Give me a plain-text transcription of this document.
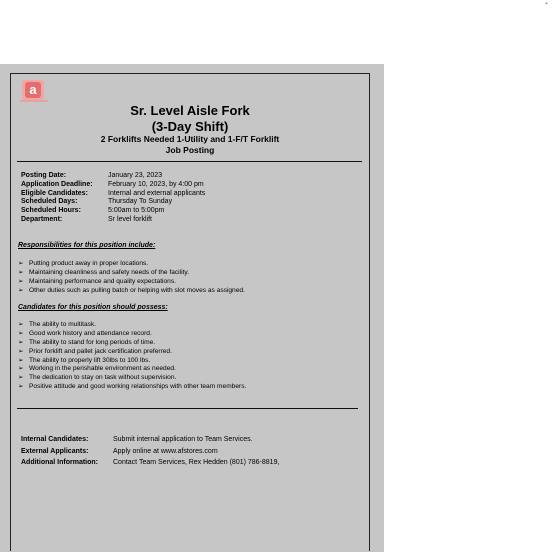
+
a
Sr. Level Aisle Fork
(3-Day Shift)
2 Forklifts Needed 1-Utility and 1-F/T Forklift
Job Posting
Posting Date:	January 23, 2023
Application Deadline: February 10, 2023, by 4:00 pm
Eligible Candidates:	Internal and external applicants
Scheduled Days:	Thursday To Sunday
Scheduled Hours:	5:00am to 5:00pm
Department:	Sr level forklift
Responsibilities for this position include:
➢ Putting product away in proper locations.
➢ Maintaining cleanliness and safety needs of the facility.
➢ Maintaining performance and quality expectations.
➢ Other duties such as pulling batch or helping with slot moves as assigned.
Candidates for this position should possess:
➢ The ability to multitask.
➢ Good work history and attendance record.
➢ The ability to stand for long periods of time.
➢ Prior forklift and pallet jack certification preferred.
➢ The ability to properly lift 30lbs to 100 lbs.
➢ Working in the perishable environment as needed.
➢ The dedication to stay on task without supervision.
➢ Positive attitude and good working relationships with other team members.
Internal Candidates:	Submit internal application to Team Services.
External Applicants:	Apply online at www.afstores.com
Additional Information: Contact Team Services, Rex Hedden (801) 786-8819,
